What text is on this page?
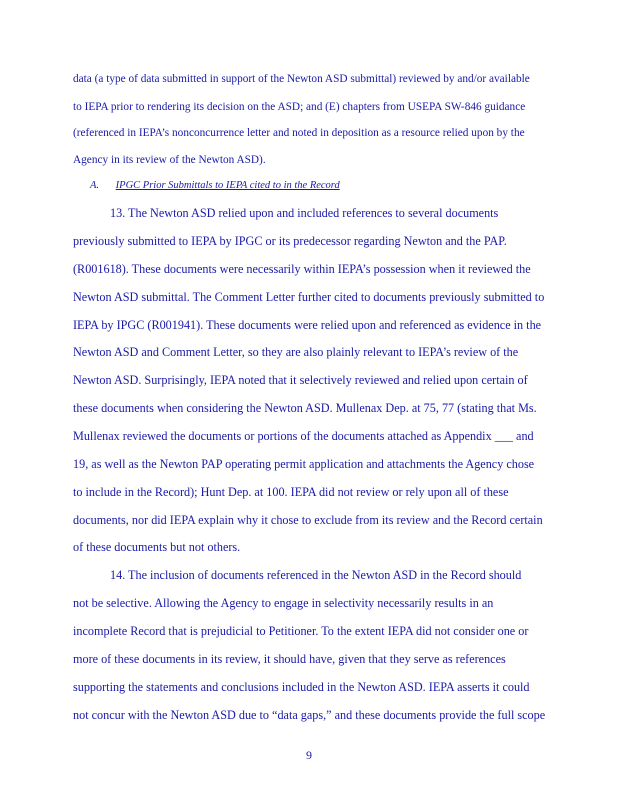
data (a type of data submitted in support of the Newton ASD submittal) reviewed by and/or available
to IEPA prior to rendering its decision on the ASD; and (E) chapters from USEPA SW-846 guidance
(referenced in IEPA’s nonconcurrence letter and noted in deposition as a resource relied upon by the
Agency in its review of the Newton ASD).
A. IPGC Prior Submittals to IEPA cited to in the Record
13. The Newton ASD relied upon and included references to several documents
previously submitted to IEPA by IPGC or its predecessor regarding Newton and the PAP.
(R001618). These documents were necessarily within IEPA’s possession when it reviewed the
Newton ASD submittal. The Comment Letter further cited to documents previously submitted to
IEPA by IPGC (R001941). These documents were relied upon and referenced as evidence in the
Newton ASD and Comment Letter, so they are also plainly relevant to IEPA’s review of the
Newton ASD. Surprisingly, IEPA noted that it selectively reviewed and relied upon certain of
these documents when considering the Newton ASD. Mullenax Dep. at 75, 77 (stating that Ms.
Mullenax reviewed the documents or portions of the documents attached as Appendix ___ and
19, as well as the Newton PAP operating permit application and attachments the Agency chose
to include in the Record); Hunt Dep. at 100. IEPA did not review or rely upon all of these
documents, nor did IEPA explain why it chose to exclude from its review and the Record certain
of these documents but not others.
14. The inclusion of documents referenced in the Newton ASD in the Record should
not be selective. Allowing the Agency to engage in selectivity necessarily results in an
incomplete Record that is prejudicial to Petitioner. To the extent IEPA did not consider one or
more of these documents in its review, it should have, given that they serve as references
supporting the statements and conclusions included in the Newton ASD. IEPA asserts it could
not concur with the Newton ASD due to “data gaps,” and these documents provide the full scope
9
